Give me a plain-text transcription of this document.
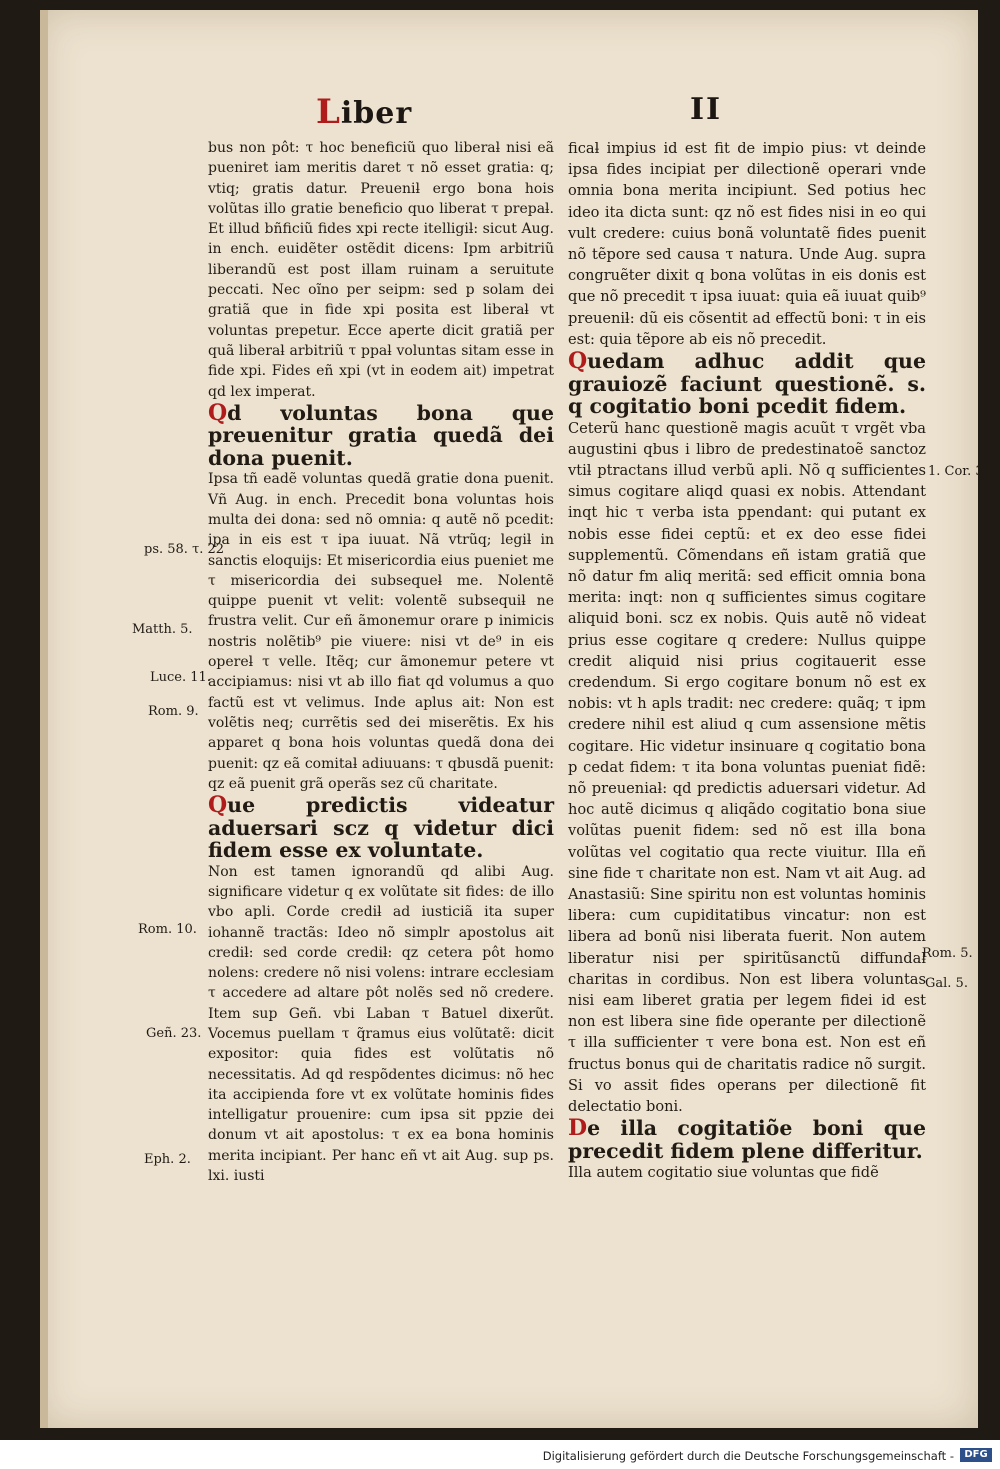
Liber	II

bus non pôt: τ hoc beneficiũ quo liberaƚ nisi eã pueniret iam meritis daret τ nõ esset gratia: q; vtiq; gratis datur. Preueniƚ ergo bona hois volũtas illo gratie beneficio quo liberat τ prepaƚ. Et illud bñficiũ fides xpi recte itelligiƚ: sicut Aug. in ench. euidẽter ostẽdit dicens: Ipm arbitriũ liberandũ est post illam ruinam a seruitute peccati. Nec oĩno per seipm: sed p solam dei gratiã que in fide xpi posita est liberaƚ vt voluntas prepetur. Ecce aperte dicit gratiã per quã liberaƚ arbitriũ τ ppaƚ voluntas sitam esse in fide xpi. Fides eñ xpi (vt in eodem ait) impetrat qd lex imperat.

Qd voluntas bona que preuenitur gratia quedã dei dona puenit.

Ipsa tñ eadẽ voluntas quedã gratie dona puenit. Vñ Aug. in ench. Precedit bona voluntas hois multa dei dona: sed nõ omnia: q autẽ nõ pcedit: ipa in eis est τ ipa iuuat. Nã vtrũq; legiƚ in sanctis eloquijs: Et misericordia eius pueniet me τ misericordia dei subsequeƚ me. Nolentẽ quippe puenit vt velit: volentẽ subsequiƚ ne frustra velit. Cur eñ ãmonemur orare p inimicis nostris nolẽtib⁹ pie viuere: nisi vt de⁹ in eis opereƚ τ velle. Itẽq; cur ãmonemur petere vt accipiamus: nisi vt ab illo fiat qd volumus a quo factũ est vt velimus. Inde aplus ait: Non est volẽtis neq; currẽtis sed dei miserẽtis. Ex his apparet q bona hois voluntas quedã dona dei puenit: qz eã comitaƚ adiuuans: τ qbusdã puenit: qz eã puenit grã operãs sez cũ charitate.

Que predictis videatur aduersari scz q videtur dici fidem esse ex voluntate.

Non est tamen ignorandũ qd alibi Aug. significare videtur q ex volũtate sit fides: de illo vbo apli. Corde crediƚ ad iusticiã ita super iohannẽ tractãs: Ideo nõ simplr apostolus ait crediƚ: sed corde crediƚ: qz cetera pôt homo nolens: credere nõ nisi volens: intrare ecclesiam τ accedere ad altare pôt nolẽs sed nõ credere. Item sup Geñ. vbi Laban τ Batuel dixerũt. Vocemus puellam τ q̃ramus eius volũtatẽ: dicit expositor: quia fides est volũtatis nõ necessitatis. Ad qd respõdentes dicimus: nõ hec ita accipienda fore vt ex volũtate hominis fides intelligatur prouenire: cum ipsa sit ppzie dei donum vt ait apostolus: τ ex ea bona hominis merita incipiant. Per hanc eñ vt ait Aug. sup ps. lxi. iusti

ficaƚ impius id est fit de impio pius: vt deinde ipsa fides incipiat per dilectionẽ operari vnde omnia bona merita incipiunt. Sed potius hec ideo ita dicta sunt: qz nõ est fides nisi in eo qui vult credere: cuius bonã voluntatẽ fides puenit nõ tẽpore sed causa τ natura. Unde Aug. supra congruẽter dixit q bona volũtas in eis donis est que nõ precedit τ ipsa iuuat: quia eã iuuat quib⁹ preueniƚ: dũ eis cõsentit ad effectũ boni: τ in eis est: quia tẽpore ab eis nõ precedit.

Quedam adhuc addit que grauiozẽ faciunt questionẽ. s. q cogitatio boni pcedit fidem.

Ceterũ hanc questionẽ magis acuũt τ vrgẽt vba augustini qbus i libro de predestinatoẽ sanctoz vtiƚ ptractans illud verbũ apli. Nõ q sufficientes simus cogitare aliqd quasi ex nobis. Attendant inqt hic τ verba ista ppendant: qui putant ex nobis esse fidei ceptũ: et ex deo esse fidei supplementũ. Cõmendans eñ istam gratiã que nõ datur fm aliq meritã: sed efficit omnia bona merita: inqt: non q sufficientes simus cogitare aliquid boni. scz ex nobis. Quis autẽ nõ videat prius esse cogitare q credere: Nullus quippe credit aliquid nisi prius cogitauerit esse credendum. Si ergo cogitare bonum nõ est ex nobis: vt h apls tradit: nec credere: quãq; τ ipm credere nihil est aliud q cum assensione mẽtis cogitare. Hic videtur insinuare q cogitatio bona p cedat fidem: τ ita bona voluntas pueniat fidẽ: nõ preueniaƚ: qd predictis aduersari videtur. Ad hoc autẽ dicimus q aliqãdo cogitatio bona siue volũtas puenit fidem: sed nõ est illa bona volũtas vel cogitatio qua recte viuitur. Illa eñ sine fide τ charitate non est. Nam vt ait Aug. ad Anastasiũ: Sine spiritu non est voluntas hominis libera: cum cupiditatibus vincatur: non est libera ad bonũ nisi liberata fuerit. Non autem liberatur nisi per spiritũsanctũ diffundaƚ charitas in cordibus. Non est libera voluntas nisi eam liberet gratia per legem fidei id est non est libera sine fide operante per dilectionẽ τ illa sufficienter τ vere bona est. Non est eñ fructus bonus qui de charitatis radice nõ surgit. Si vo assit fides operans per dilectionẽ fit delectatio boni.

De illa cogitatiõe boni que precedit fidem plene differitur.

Illa autem cogitatio siue voluntas que fidẽ

ps. 58. τ. 22
Matth. 5.
Luce. 11.
Rom. 9.
Rom. 10.
Geñ. 23.
Eph. 2.
1. Cor. 3.
Rom. 5.
Gal. 5.
Digitalisierung gefördert durch die Deutsche Forschungsgemeinschaft -	DFG
